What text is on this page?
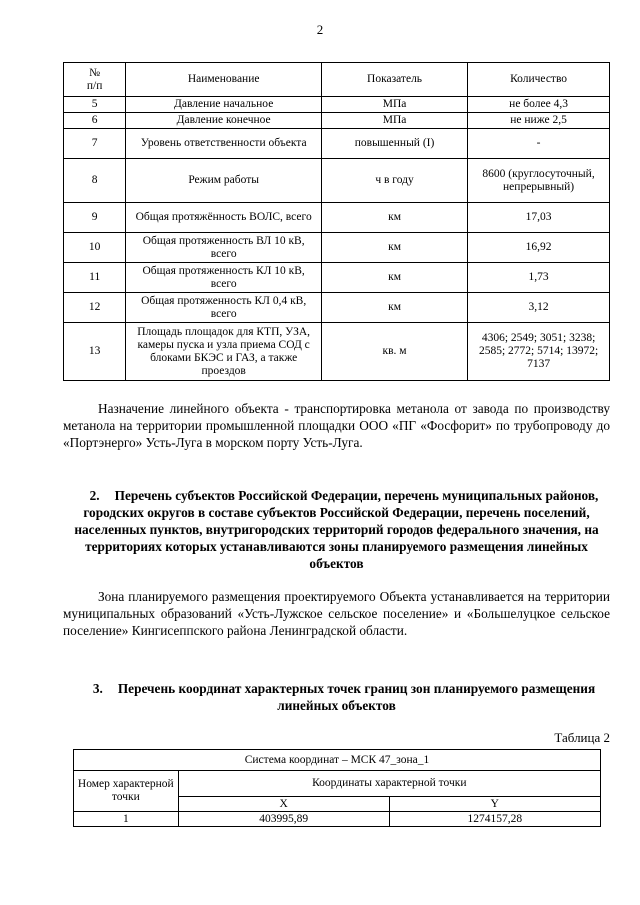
2
№
п/п	Наименование	Показатель	Количество
5	Давление начальное	МПа	не более 4,3
6	Давление конечное	МПа	не ниже 2,5
7	Уровень ответственности объекта	повышенный (I)	-
8	Режим работы	ч в году	8600 (круглосуточный, непрерывный)
9	Общая протяжённость ВОЛС, всего	км	17,03
10	Общая протяженность ВЛ 10 кВ, всего	км	16,92
11	Общая протяженность КЛ 10 кВ, всего	км	1,73
12	Общая протяженность КЛ 0,4 кВ, всего	км	3,12
13	Площадь площадок для КТП, УЗА, камеры пуска и узла приема СОД с блоками БКЭС и ГАЗ, а также проездов	кв. м	4306; 2549; 3051; 3238; 2585; 2772; 5714; 13972; 7137
Назначение линейного объекта - транспортировка метанола от завода по производству метанола на территории промышленной площадки ООО «ПГ «Фосфорит» по трубопроводу до «Портэнерго» Усть-Луга в морском порту Усть-Луга.
2. Перечень субъектов Российской Федерации, перечень муниципальных районов, городских округов в составе субъектов Российской Федерации, перечень поселений, населенных пунктов, внутригородских территорий городов федерального значения, на территориях которых устанавливаются зоны планируемого размещения линейных объектов
Зона планируемого размещения проектируемого Объекта устанавливается на территории муниципальных образований «Усть-Лужское сельское поселение» и «Большелуцкое сельское поселение» Кингисеппского района Ленинградской области.
3. Перечень координат характерных точек границ зон планируемого размещения линейных объектов
Таблица 2
Система координат – МСК 47_зона_1		
Номер характерной точки	Координаты характерной точки	
	X	Y
1	403995,89	1274157,28
